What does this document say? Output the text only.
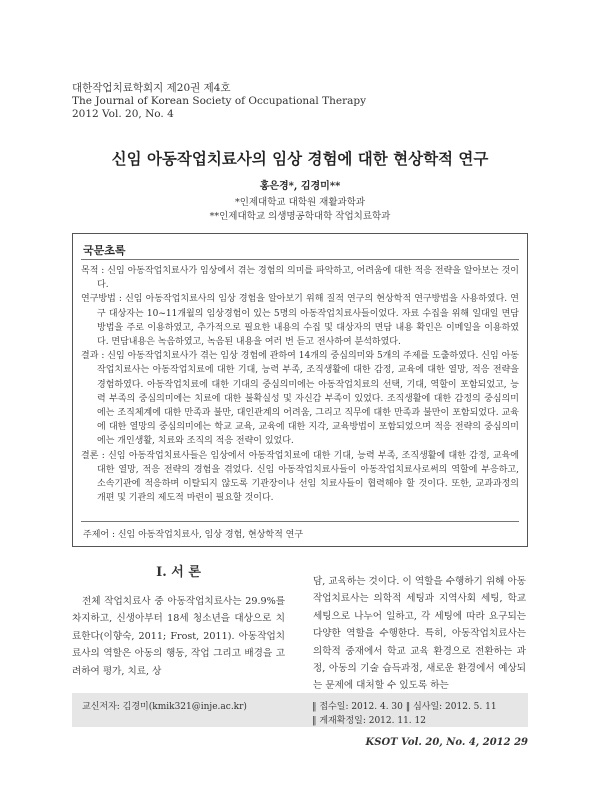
대한작업치료학회지 제20권 제4호
The Journal of Korean Society of Occupational Therapy
2012 Vol. 20, No. 4
신임 아동작업치료사의 임상 경험에 대한 현상학적 연구
홍은경*, 김경미**
*인제대학교 대학원 재활과학과
**인제대학교 의생명공학대학 작업치료학과
국문초록

목적 : 신임 아동작업치료사가 임상에서 겪는 경험의 의미를 파악하고, 어려움에 대한 적응 전략을 알아보는 것이다.

연구방법 : 신임 아동작업치료사의 임상 경험을 알아보기 위해 질적 연구의 현상학적 연구방법을 사용하였다. 연구 대상자는 10~11개월의 임상경험이 있는 5명의 아동작업치료사들이었다. 자료 수집을 위해 일대일 면담방법을 주로 이용하였고, 추가적으로 필요한 내용의 수집 및 대상자의 면담 내용 확인은 이메일을 이용하였다. 면담내용은 녹음하였고, 녹음된 내용을 여러 번 듣고 전사하여 분석하였다.

결과 : 신임 아동작업치료사가 겪는 임상 경험에 관하여 14개의 중심의미와 5개의 주제를 도출하였다. 신임 아동작업치료사는 아동작업치료에 대한 기대, 능력 부족, 조직생활에 대한 감정, 교육에 대한 열망, 적응 전략을 경험하였다. 아동작업치료에 대한 기대의 중심의미에는 아동작업치료의 선택, 기대, 역할이 포함되었고, 능력 부족의 중심의미에는 치료에 대한 불확실성 및 자신감 부족이 있었다. 조직생활에 대한 감정의 중심의미에는 조직체계에 대한 만족과 불만, 대인관계의 어려움, 그리고 직무에 대한 만족과 불만이 포함되었다. 교육에 대한 열망의 중심의미에는 학교 교육, 교육에 대한 지각, 교육방법이 포함되었으며 적응 전략의 중심의미에는 개인생활, 치료와 조직의 적응 전략이 있었다.

결론 : 신임 아동작업치료사들은 임상에서 아동작업치료에 대한 기대, 능력 부족, 조직생활에 대한 감정, 교육에 대한 열망, 적응 전략의 경험을 겪었다. 신임 아동작업치료사들이 아동작업치료사로써의 역할에 부응하고, 소속기관에 적응하며 이탈되지 않도록 기관장이나 선임 치료사들이 협력해야 할 것이다. 또한, 교과과정의 개편 및 기관의 제도적 마련이 필요할 것이다.

주제어 : 신임 아동작업치료사, 임상 경험, 현상학적 연구
I. 서 론

전체 작업치료사 중 아동작업치료사는 29.9%를 차지하고, 신생아부터 18세 청소년을 대상으로 치료한다(이향숙, 2011; Frost, 2011). 아동작업치료사의 역할은 아동의 행동, 작업 그리고 배경을 고려하여 평가, 치료, 상

담, 교육하는 것이다. 이 역할을 수행하기 위해 아동작업치료사는 의학적 세팅과 지역사회 세팅, 학교 세팅으로 나누어 일하고, 각 세팅에 따라 요구되는 다양한 역할을 수행한다. 특히, 아동작업치료사는 의학적 중재에서 학교 교육 환경으로 전환하는 과정, 아동의 기술 습득과정, 새로운 환경에서 예상되는 문제에 대처할 수 있도록 하는

교신저자: 김경미(kmik321@inje.ac.kr)	‖ 접수일: 2012. 4. 30 ‖ 심사일: 2012. 5. 11
‖ 게재확정일: 2012. 11. 12
KSOT Vol. 20, No. 4, 2012 29
